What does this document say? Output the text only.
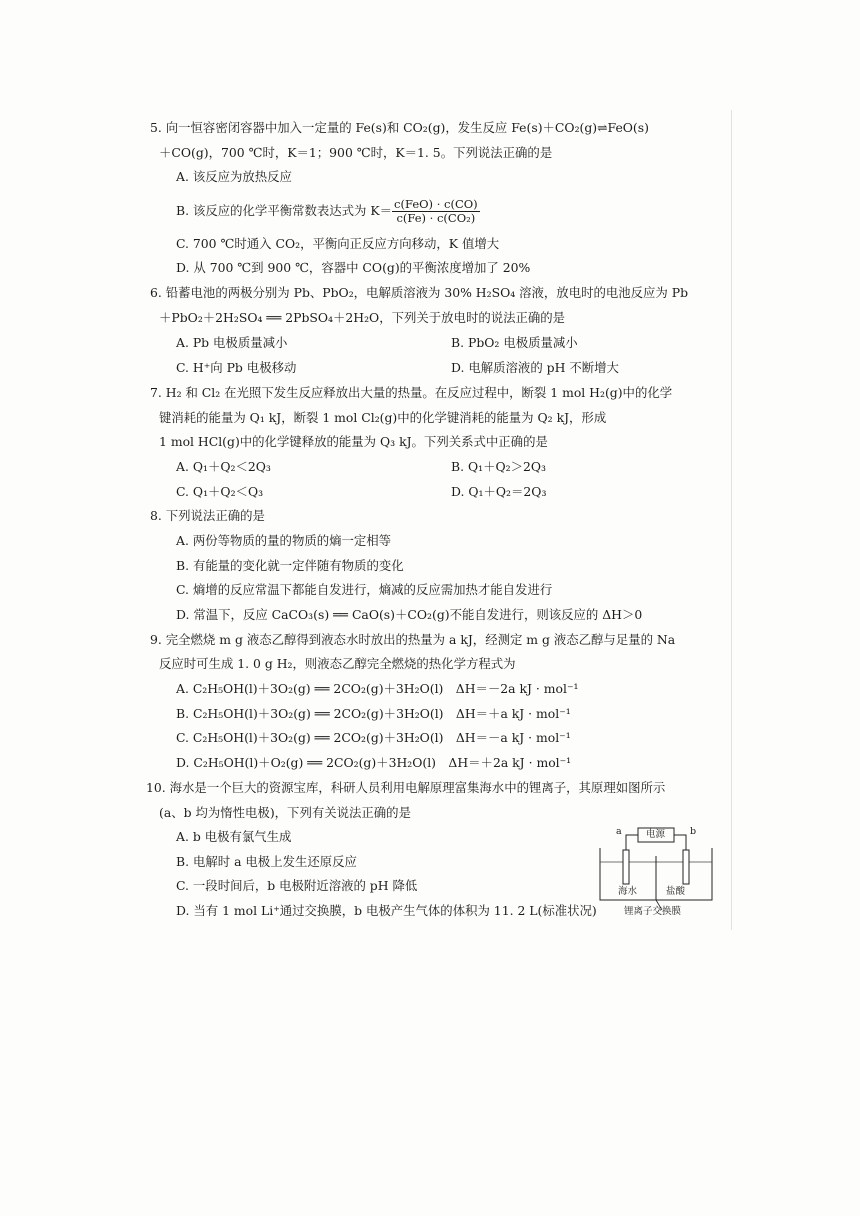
5. 向一恒容密闭容器中加入一定量的 Fe(s)和 CO₂(g)，发生反应 Fe(s)＋CO₂(g)⇌FeO(s)
＋CO(g)，700 ℃时，K＝1；900 ℃时，K＝1. 5。下列说法正确的是
A. 该反应为放热反应
B. 该反应的化学平衡常数表达式为 $K= \frac{\text{c(FeO) · c(CO)}}{\text{c(Fe) · c(CO₂)}}$
C. 700 ℃时通入 CO₂，平衡向正反应方向移动，K 值增大
D. 从 700 ℃到 900 ℃，容器中 CO(g)的平衡浓度增加了 20%
6. 铅蓄电池的两极分别为 Pb、PbO₂，电解质溶液为 30% H₂SO₄ 溶液，放电时的电池反应为 Pb
＋PbO₂＋2H₂SO₄ ══ 2PbSO₄＋2H₂O，下列关于放电时的说法正确的是
A. Pb 电极质量减小	B. PbO₂ 电极质量减小
C. H⁺向 Pb 电极移动	D. 电解质溶液的 pH 不断增大
7. H₂ 和 Cl₂ 在光照下发生反应释放出大量的热量。在反应过程中，断裂 1 mol H₂(g)中的化学
键消耗的能量为 Q₁ kJ，断裂 1 mol Cl₂(g)中的化学键消耗的能量为 Q₂ kJ，形成
1 mol HCl(g)中的化学键释放的能量为 Q₃ kJ。下列关系式中正确的是
A. Q₁＋Q₂＜2Q₃	B. Q₁＋Q₂＞2Q₃
C. Q₁＋Q₂＜Q₃	D. Q₁＋Q₂＝2Q₃
8. 下列说法正确的是
A. 两份等物质的量的物质的熵一定相等
B. 有能量的变化就一定伴随有物质的变化
C. 熵增的反应常温下都能自发进行，熵减的反应需加热才能自发进行
D. 常温下，反应 CaCO₃(s) ══ CaO(s)＋CO₂(g)不能自发进行，则该反应的 ΔH＞0
9. 完全燃烧 m g 液态乙醇得到液态水时放出的热量为 a kJ，经测定 m g 液态乙醇与足量的 Na
反应时可生成 1. 0 g H₂，则液态乙醇完全燃烧的热化学方程式为
A. C₂H₅OH(l)＋3O₂(g) ══ 2CO₂(g)＋3H₂O(l)　ΔH＝－2a kJ · mol⁻¹
B. C₂H₅OH(l)＋3O₂(g) ══ 2CO₂(g)＋3H₂O(l)　ΔH＝＋a kJ · mol⁻¹
C. C₂H₅OH(l)＋3O₂(g) ══ 2CO₂(g)＋3H₂O(l)　ΔH＝－a kJ · mol⁻¹
D. C₂H₅OH(l)＋O₂(g) ══ 2CO₂(g)＋3H₂O(l)　ΔH＝＋2a kJ · mol⁻¹
10. 海水是一个巨大的资源宝库，科研人员利用电解原理富集海水中的锂离子，其原理如图所示
(a、b 均为惰性电极)，下列有关说法正确的是
A. b 电极有氯气生成
B. 电解时 a 电极上发生还原反应
C. 一段时间后，b 电极附近溶液的 pH 降低
D. 当有 1 mol Li⁺通过交换膜，b 电极产生气体的体积为 11. 2 L(标准状况)
电源
a	b
海水	盐酸
锂离子交换膜
